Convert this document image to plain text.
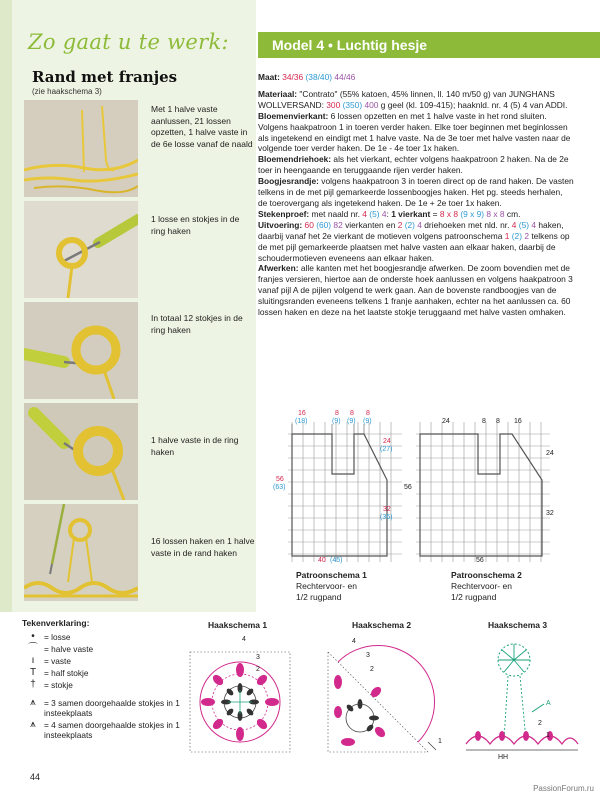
Zo gaat u te werk:
Rand met franjes
(zie haakschema 3)
Met 1 halve vaste aanlussen, 21 lossen opzetten, 1 halve vaste in de 6e losse vanaf de naald
1 losse en stokjes in de ring haken
In totaal 12 stokjes in de ring haken
1 halve vaste in de ring haken
16 lossen haken en 1 halve vaste in de rand haken
Model 4 • Luchtig hesje

Maat: 34/36 (38/40) 44/46

Materiaal: "Contrato" (55% katoen, 45% linnen, ll. 140 m/50 g) van JUNGHANS WOLLVERSAND: 300 (350) 400 g geel (kl. 109-415); haaknld. nr. 4 (5) 4 van ADDI.

Bloemenvierkant: 6 lossen opzetten en met 1 halve vaste in het rond sluiten. Volgens haakpatroon 1 in toeren verder haken. Elke toer beginnen met beginlossen als ingetekend en eindigt met 1 halve vaste. Na de 3e toer met halve vasten naar de volgende toer verder haken. De 1e - 4e toer 1x haken.

Bloemendriehoek: als het vierkant, echter volgens haakpatroon 2 haken. Na de 2e toer in heengaande en teruggaande rijen verder haken.

Boogjesrandje: volgens haakpatroon 3 in toeren direct op de rand haken. De vasten telkens in de met pijl gemarkeerde lossenboogjes haken. Het pg. steeds herhalen, de toerovergang als ingetekend haken. De 1e + 2e toer 1x haken.

Stekenproef: met naald nr. 4 (5) 4: 1 vierkant = 8 x 8 (9 x 9) 8 x 8 cm.

Uitvoering: 60 (60) 82 vierkanten en 2 (2) 4 driehoeken met nld. nr. 4 (5) 4 haken, daarbij vanaf het 2e vierkant de motieven volgens patroonschema 1 (2) 2 telkens op de met pijl gemarkeerde plaatsen met halve vasten aan elkaar haken, daarbij de schoudermotieven eveneens aan elkaar haken.

Afwerken: alle kanten met het boogjesrandje afwerken. De zoom bovendien met de franjes versieren, hiertoe aan de onderste hoek aanlussen en volgens haakpatroon 3 vanaf pijl A de pijlen volgend te werk gaan. Aan de bovenste randboogjes van de sluitingsranden eveneens telkens 1 franje aanhaken, echter na het aanlussen ca. 60 lossen haken en deze na het laatste stokje teruggaand met halve vasten omhaken.

16
(18)
8
(9)
8
(9)
8
(9)
24
(27)
32
(36)
56
(63)
40 (45)
Patroonschema 1
Rechtervoor- en
1/2 rugpand
24	8 8 16
24
32
56
56
Patroonschema 2
Rechtervoor- en
1/2 rugpand
Tekenverklaring:
•	= losse
⌒ = halve vaste
ı	= vaste
T = half stokje
† = stokje
⩚ = 3 samen doorgehaalde stokjes in 1 insteekplaats
⩚ = 4 samen doorgehaalde stokjes in 1 insteekplaats
Haakschema 1
4
3
2
Haakschema 2
4
3
2
1
Haakschema 3
A
2
1
HH
44
PassionForum.ru
